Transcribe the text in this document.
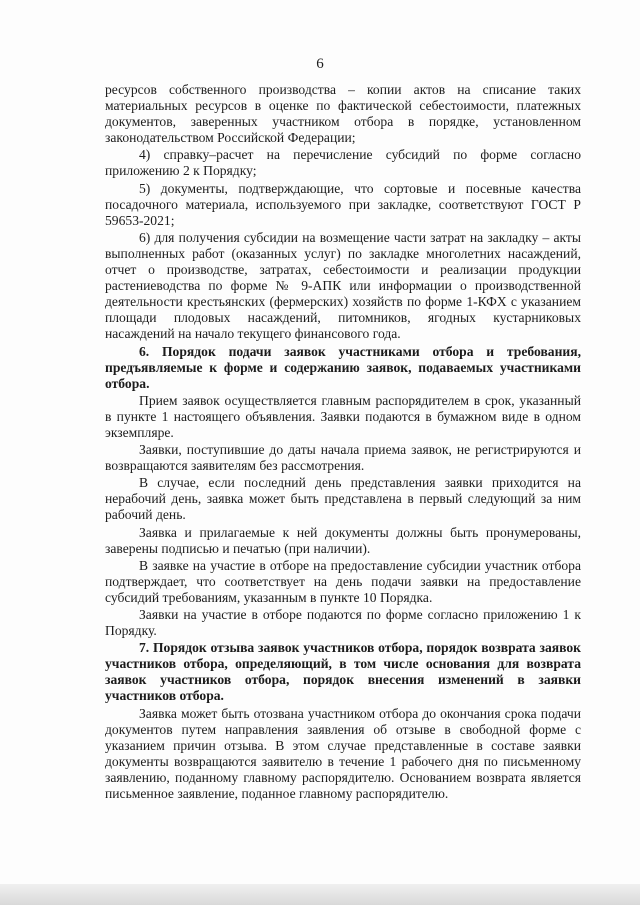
6

ресурсов собственного производства – копии актов на списание таких материальных ресурсов в оценке по фактической себестоимости, платежных документов, заверенных участником отбора в порядке, установленном законодательством Российской Федерации;

4) справку–расчет на перечисление субсидий по форме согласно приложению 2 к Порядку;

5) документы, подтверждающие, что сортовые и посевные качества посадочного материала, используемого при закладке, соответствуют ГОСТ Р 59653-2021;

6) для получения субсидии на возмещение части затрат на закладку – акты выполненных работ (оказанных услуг) по закладке многолетних насаждений, отчет о производстве, затратах, себестоимости и реализации продукции растениеводства по форме № 9-АПК или информации о производственной деятельности крестьянских (фермерских) хозяйств по форме 1-КФХ с указанием площади плодовых насаждений, питомников, ягодных кустарниковых насаждений на начало текущего финансового года.

6. Порядок подачи заявок участниками отбора и требования, предъявляемые к форме и содержанию заявок, подаваемых участниками отбора.

Прием заявок осуществляется главным распорядителем в срок, указанный в пункте 1 настоящего объявления. Заявки подаются в бумажном виде в одном экземпляре.

Заявки, поступившие до даты начала приема заявок, не регистрируются и возвращаются заявителям без рассмотрения.

В случае, если последний день представления заявки приходится на нерабочий день, заявка может быть представлена в первый следующий за ним рабочий день.

Заявка и прилагаемые к ней документы должны быть пронумерованы, заверены подписью и печатью (при наличии).

В заявке на участие в отборе на предоставление субсидии участник отбора подтверждает, что соответствует на день подачи заявки на предоставление субсидий требованиям, указанным в пункте 10 Порядка.

Заявки на участие в отборе подаются по форме согласно приложению 1 к Порядку.

7. Порядок отзыва заявок участников отбора, порядок возврата заявок участников отбора, определяющий, в том числе основания для возврата заявок участников отбора, порядок внесения изменений в заявки участников отбора.

Заявка может быть отозвана участником отбора до окончания срока подачи документов путем направления заявления об отзыве в свободной форме с указанием причин отзыва. В этом случае представленные в составе заявки документы возвращаются заявителю в течение 1 рабочего дня по письменному заявлению, поданному главному распорядителю. Основанием возврата является письменное заявление, поданное главному распорядителю.
